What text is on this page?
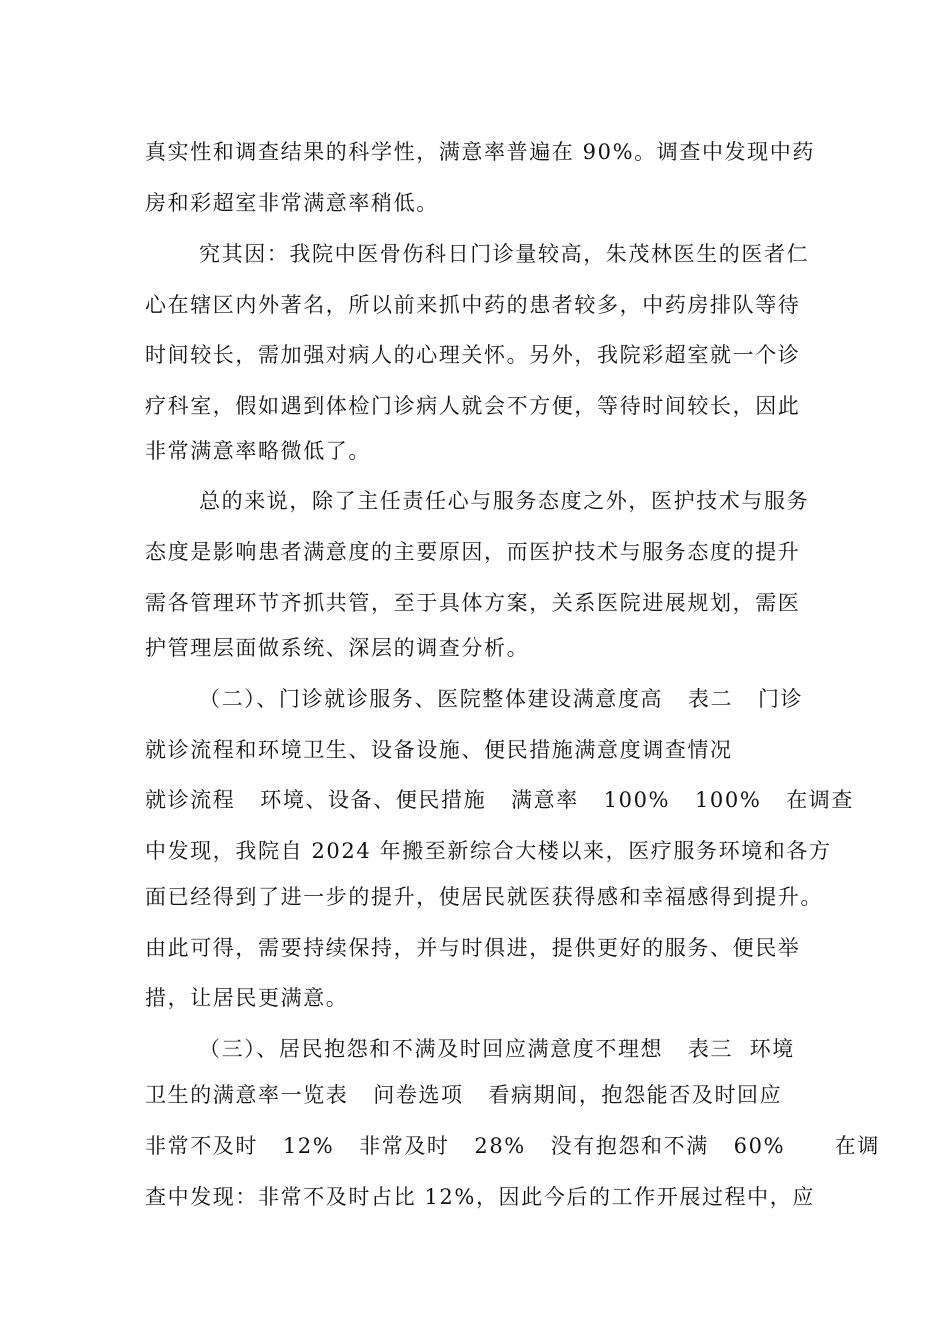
真实性和调查结果的科学性，满意率普遍在 90%。调查中发现中药
房和彩超室非常满意率稍低。
究其因：我院中医骨伤科日门诊量较高，朱茂林医生的医者仁
心在辖区内外著名，所以前来抓中药的患者较多，中药房排队等待
时间较长，需加强对病人的心理关怀。另外，我院彩超室就一个诊
疗科室，假如遇到体检门诊病人就会不方便，等待时间较长，因此
非常满意率略微低了。
总的来说，除了主任责任心与服务态度之外，医护技术与服务
态度是影响患者满意度的主要原因，而医护技术与服务态度的提升
需各管理环节齐抓共管，至于具体方案，关系医院进展规划，需医
护管理层面做系统、深层的调查分析。
（二）、门诊就诊服务、医院整体建设满意度高   表二   门诊
就诊流程和环境卫生、设备设施、便民措施满意度调查情况
就诊流程   环境、设备、便民措施   满意率   100%   100%   在调查
中发现，我院自 2024 年搬至新综合大楼以来，医疗服务环境和各方
面已经得到了进一步的提升，使居民就医获得感和幸福感得到提升。
由此可得，需要持续保持，并与时俱进，提供更好的服务、便民举
措，让居民更满意。
（三）、居民抱怨和不满及时回应满意度不理想   表三  环境
卫生的满意率一览表   问卷选项   看病期间，抱怨能否及时回应
非常不及时   12%   非常及时   28%   没有抱怨和不满   60%      在调
查中发现：非常不及时占比 12%，因此今后的工作开展过程中，应
